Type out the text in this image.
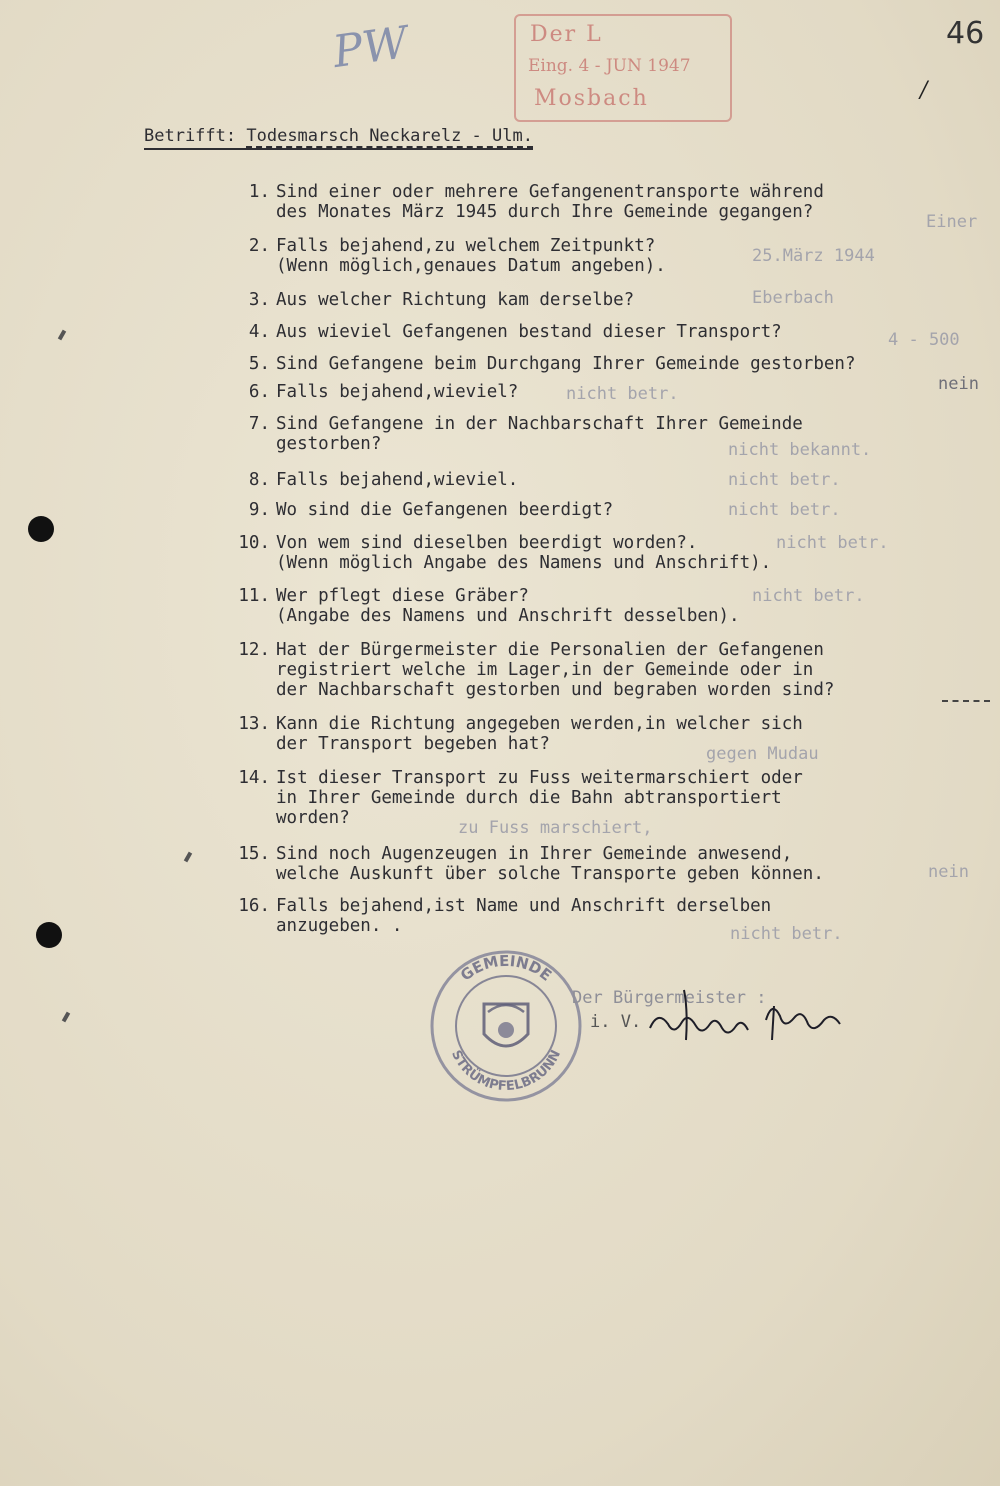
PW	46
/
Der L
Eing. 4 - JUN 1947
Mosbach
Betrifft: Todesmarsch Neckarelz - Ulm.
1. Sind einer oder mehrere Gefangenentransporte während
des Monates März 1945 durch Ihre Gemeinde gegangen?
2. Falls bejahend,zu welchem Zeitpunkt?
(Wenn möglich,genaues Datum angeben).
3. Aus welcher Richtung kam derselbe?
4. Aus wieviel Gefangenen bestand dieser Transport?
5. Sind Gefangene beim Durchgang Ihrer Gemeinde gestorben?
6. Falls bejahend,wieviel?
7. Sind Gefangene in der Nachbarschaft Ihrer Gemeinde
gestorben?
8. Falls bejahend,wieviel.
9. Wo sind die Gefangenen beerdigt?
10. Von wem sind dieselben beerdigt worden?.
(Wenn möglich Angabe des Namens und Anschrift).
11. Wer pflegt diese Gräber?
(Angabe des Namens und Anschrift desselben).
12. Hat der Bürgermeister die Personalien der Gefangenen
registriert welche im Lager,in der Gemeinde oder in
der Nachbarschaft gestorben und begraben worden sind?
13. Kann die Richtung angegeben werden,in welcher sich
der Transport begeben hat?
14. Ist dieser Transport zu Fuss weitermarschiert oder
in Ihrer Gemeinde durch die Bahn abtransportiert
worden?
15. Sind noch Augenzeugen in Ihrer Gemeinde anwesend,
welche Auskunft über solche Transporte geben können.
16. Falls bejahend,ist Name und Anschrift derselben
anzugeben. .
Einer
25.März 1944
Eberbach
4 - 500
nein
nicht betr.
nicht bekannt.
nicht betr.
nicht betr.
nicht betr.
nicht betr.
gegen Mudau
zu Fuss marschiert,
nein
nicht betr.
GEMEINDE
STRÜMPFELBRUNN
Der Bürgermeister :
i. V.
